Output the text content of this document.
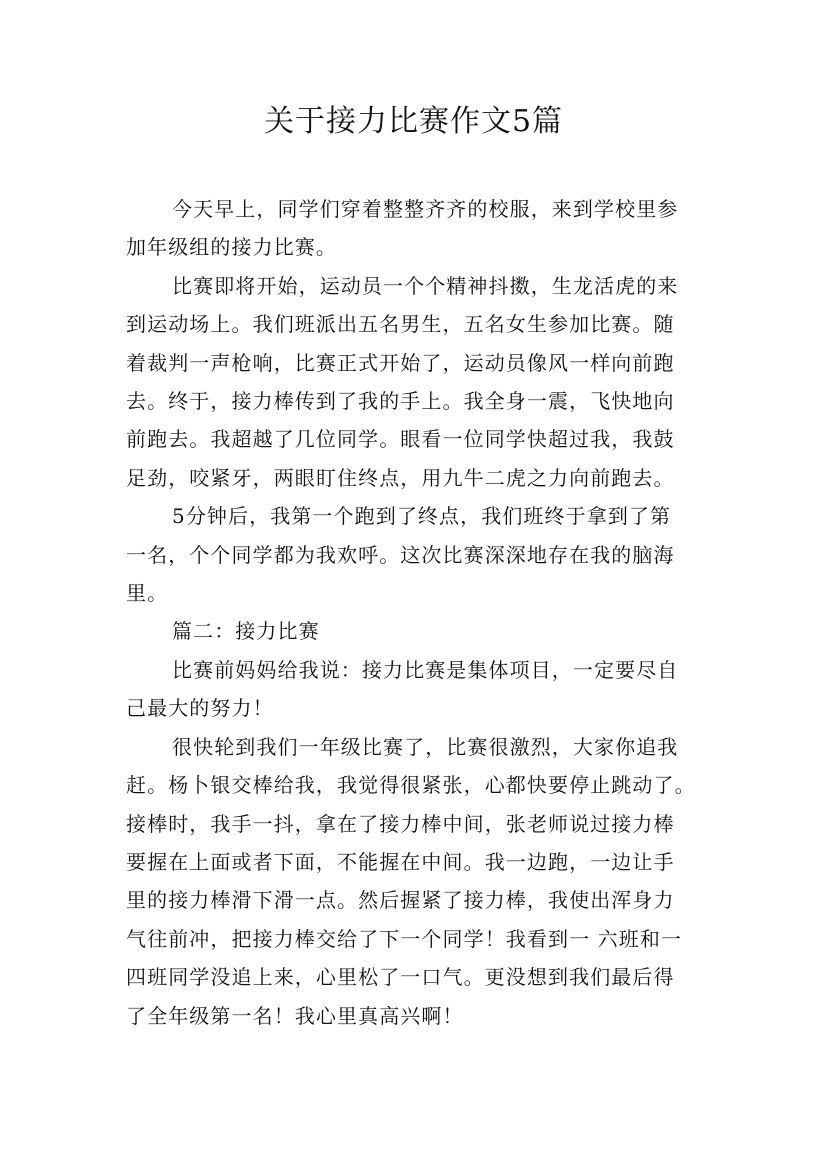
关于接力比赛作文5篇

今天早上，同学们穿着整整齐齐的校服，来到学校里参
加年级组的接力比赛。

比赛即将开始，运动员一个个精神抖擞，生龙活虎的来
到运动场上。我们班派出五名男生，五名女生参加比赛。随
着裁判一声枪响，比赛正式开始了，运动员像风一样向前跑
去。终于，接力棒传到了我的手上。我全身一震，飞快地向
前跑去。我超越了几位同学。眼看一位同学快超过我，我鼓
足劲，咬紧牙，两眼盯住终点，用九牛二虎之力向前跑去。

5分钟后，我第一个跑到了终点，我们班终于拿到了第
一名，个个同学都为我欢呼。这次比赛深深地存在我的脑海
里。

篇二：接力比赛

比赛前妈妈给我说：接力比赛是集体项目，一定要尽自
己最大的努力！

很快轮到我们一年级比赛了，比赛很激烈，大家你追我
赶。杨卜银交棒给我，我觉得很紧张，心都快要停止跳动了。
接棒时，我手一抖，拿在了接力棒中间，张老师说过接力棒
要握在上面或者下面，不能握在中间。我一边跑，一边让手
里的接力棒滑下滑一点。然后握紧了接力棒，我使出浑身力
气往前冲，把接力棒交给了下一个同学！我看到一 六班和一
四班同学没追上来，心里松了一口气。更没想到我们最后得
了全年级第一名！我心里真高兴啊！
